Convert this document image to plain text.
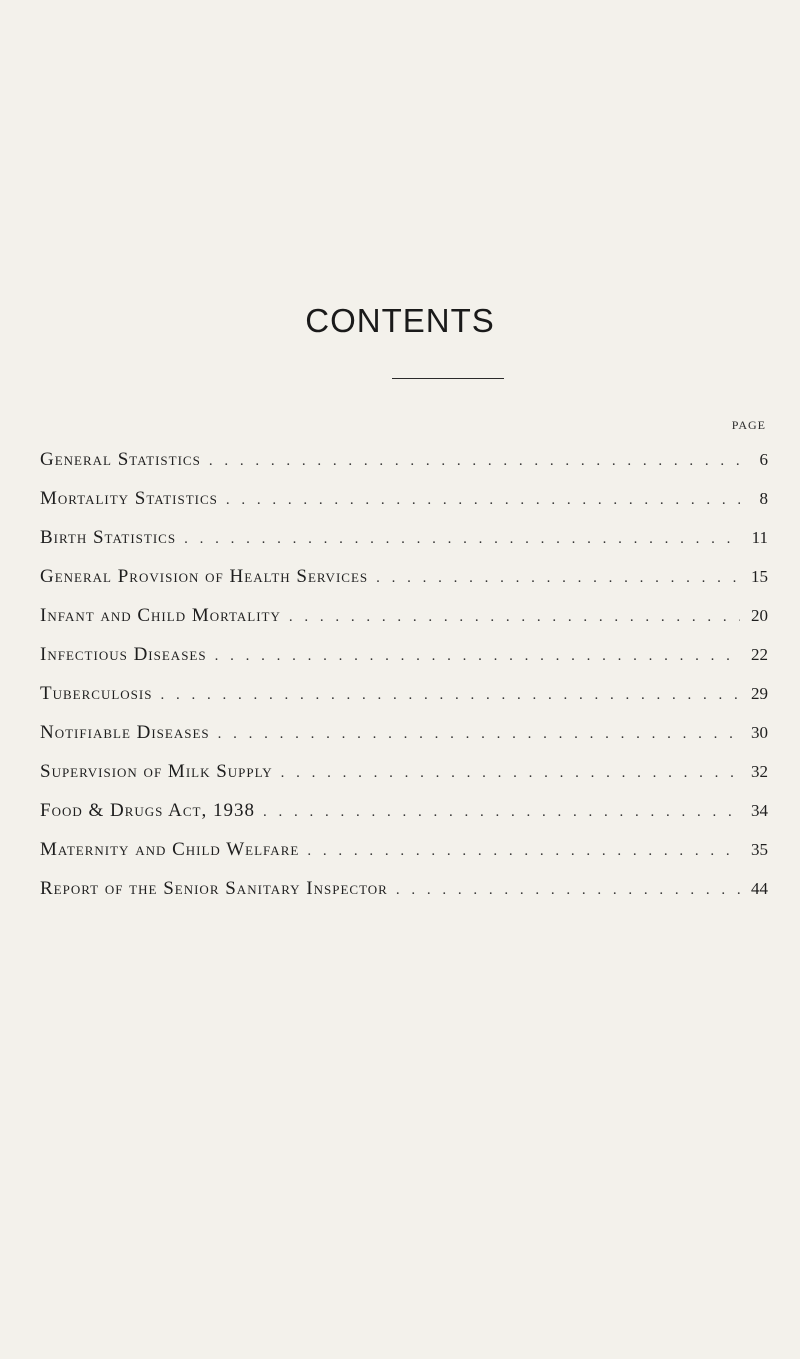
CONTENTS
PAGE
General Statistics . . .	6
Mortality Statistics . . .	8
Birth Statistics . . .	11
General Provision of Health Services . . .	15
Infant and Child Mortality . . .	20
Infectious Diseases . . .	22
Tuberculosis . . .	29
Notifiable Diseases . . .	30
Supervision of Milk Supply . . .	32
Food & Drugs Act, 1938 . . .	34
Maternity and Child Welfare . . .	35
Report of the Senior Sanitary Inspector . . .	44
